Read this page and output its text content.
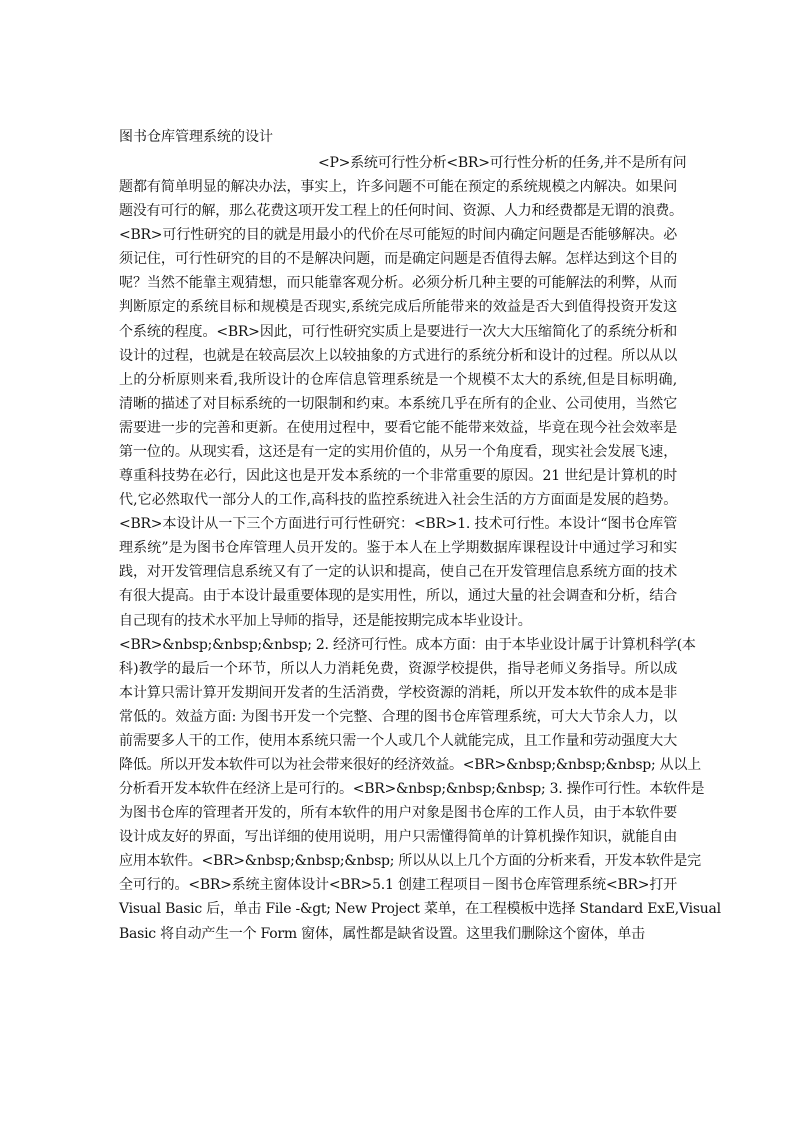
图书仓库管理系统的设计
<P>系统可行性分析<BR>可行性分析的任务,并不是所有问
题都有简单明显的解决办法，事实上，许多问题不可能在预定的系统规模之内解决。如果问
题没有可行的解，那么花费这项开发工程上的任何时间、资源、人力和经费都是无谓的浪费。
<BR>可行性研究的目的就是用最小的代价在尽可能短的时间内确定问题是否能够解决。必
须记住，可行性研究的目的不是解决问题，而是确定问题是否值得去解。怎样达到这个目的
呢？当然不能靠主观猜想，而只能靠客观分析。必须分析几种主要的可能解法的利弊，从而
判断原定的系统目标和规模是否现实,系统完成后所能带来的效益是否大到值得投资开发这
个系统的程度。<BR>因此，可行性研究实质上是要进行一次大大压缩简化了的系统分析和
设计的过程，也就是在较高层次上以较抽象的方式进行的系统分析和设计的过程。所以从以
上的分析原则来看,我所设计的仓库信息管理系统是一个规模不太大的系统,但是目标明确,
清晰的描述了对目标系统的一切限制和约束。本系统几乎在所有的企业、公司使用，当然它
需要进一步的完善和更新。在使用过程中，要看它能不能带来效益，毕竟在现今社会效率是
第一位的。从现实看，这还是有一定的实用价值的，从另一个角度看，现实社会发展飞速，
尊重科技势在必行，因此这也是开发本系统的一个非常重要的原因。21 世纪是计算机的时
代,它必然取代一部分人的工作,高科技的监控系统进入社会生活的方方面面是发展的趋势。
<BR>本设计从一下三个方面进行可行性研究：<BR>1. 技术可行性。本设计“图书仓库管
理系统”是为图书仓库管理人员开发的。鉴于本人在上学期数据库课程设计中通过学习和实
践，对开发管理信息系统又有了一定的认识和提高，使自己在开发管理信息系统方面的技术
有很大提高。由于本设计最重要体现的是实用性，所以，通过大量的社会调查和分析，结合
自己现有的技术水平加上导师的指导，还是能按期完成本毕业设计。
<BR>&nbsp;&nbsp;&nbsp; 2. 经济可行性。成本方面：由于本毕业设计属于计算机科学(本
科)教学的最后一个环节，所以人力消耗免费，资源学校提供，指导老师义务指导。所以成
本计算只需计算开发期间开发者的生活消费，学校资源的消耗，所以开发本软件的成本是非
常低的。效益方面: 为图书开发一个完整、合理的图书仓库管理系统，可大大节余人力，以
前需要多人干的工作，使用本系统只需一个人或几个人就能完成，且工作量和劳动强度大大
降低。所以开发本软件可以为社会带来很好的经济效益。<BR>&nbsp;&nbsp;&nbsp; 从以上
分析看开发本软件在经济上是可行的。<BR>&nbsp;&nbsp;&nbsp; 3. 操作可行性。本软件是
为图书仓库的管理者开发的，所有本软件的用户对象是图书仓库的工作人员，由于本软件要
设计成友好的界面，写出详细的使用说明，用户只需懂得简单的计算机操作知识，就能自由
应用本软件。<BR>&nbsp;&nbsp;&nbsp; 所以从以上几个方面的分析来看，开发本软件是完
全可行的。<BR>系统主窗体设计<BR>5.1 创建工程项目－图书仓库管理系统<BR>打开
Visual Basic 后，单击 File -&gt; New Project 菜单，在工程模板中选择 Standard ExE,Visual
Basic 将自动产生一个 Form 窗体，属性都是缺省设置。这里我们删除这个窗体，单击
